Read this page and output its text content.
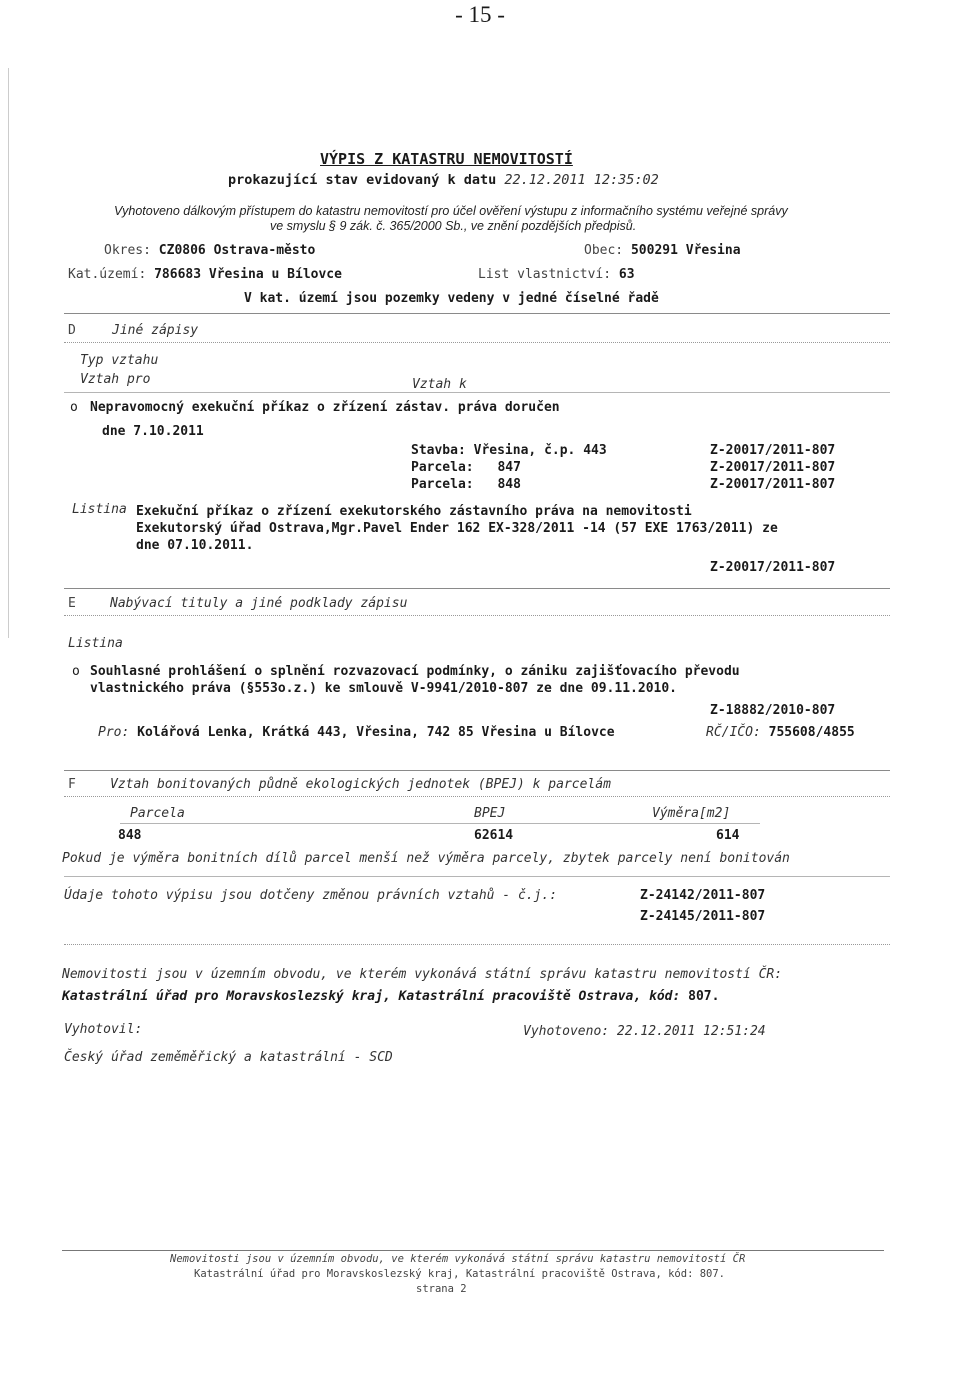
- 15 -
VÝPIS Z KATASTRU NEMOVITOSTÍ
prokazující stav evidovaný k datu 22.12.2011 12:35:02
Vyhotoveno dálkovým přístupem do katastru nemovitostí pro účel ověření výstupu z informačního systému veřejné správy
ve smyslu § 9 zák. č. 365/2000 Sb., ve znění pozdějších předpisů.
Okres: CZ0806 Ostrava-město	Obec: 500291 Vřesina
Kat.území: 786683 Vřesina u Bílovce	List vlastnictví: 63
V kat. území jsou pozemky vedeny v jedné číselné řadě
D	Jiné zápisy
Typ vztahu
Vztah pro	Vztah k
o Nepravomocný exekuční příkaz o zřízení zástav. práva doručen
dne 7.10.2011
Stavba: Vřesina, č.p. 443	Z-20017/2011-807
Parcela: 847	Z-20017/2011-807
Parcela: 848	Z-20017/2011-807
Listina Exekuční příkaz o zřízení exekutorského zástavního práva na nemovitosti
Exekutorský úřad Ostrava,Mgr.Pavel Ender 162 EX-328/2011 -14 (57 EXE 1763/2011) ze
dne 07.10.2011.
Z-20017/2011-807
E	Nabývací tituly a jiné podklady zápisu
Listina
o Souhlasné prohlášení o splnění rozvazovací podmínky, o zániku zajišťovacího převodu
vlastnického práva (§553o.z.) ke smlouvě V-9941/2010-807 ze dne 09.11.2010.
Z-18882/2010-807
Pro: Kolářová Lenka, Krátká 443, Vřesina, 742 85 Vřesina u Bílovce	RČ/IČO: 755608/4855
F	Vztah bonitovaných půdně ekologických jednotek (BPEJ) k parcelám
Parcela	BPEJ	Výměra[m2]
848	62614	614
Pokud je výměra bonitních dílů parcel menší než výměra parcely, zbytek parcely není bonitován
Údaje tohoto výpisu jsou dotčeny změnou právních vztahů - č.j.:	Z-24142/2011-807
Z-24145/2011-807
Nemovitosti jsou v územním obvodu, ve kterém vykonává státní správu katastru nemovitostí ČR:
Katastrální úřad pro Moravskoslezský kraj, Katastrální pracoviště Ostrava, kód: 807.
Vyhotovil:	Vyhotoveno: 22.12.2011 12:51:24
Český úřad zeměměřický a katastrální - SCD
Nemovitosti jsou v územním obvodu, ve kterém vykonává státní správu katastru nemovitostí ČR
Katastrální úřad pro Moravskoslezský kraj, Katastrální pracoviště Ostrava, kód: 807.
strana 2
